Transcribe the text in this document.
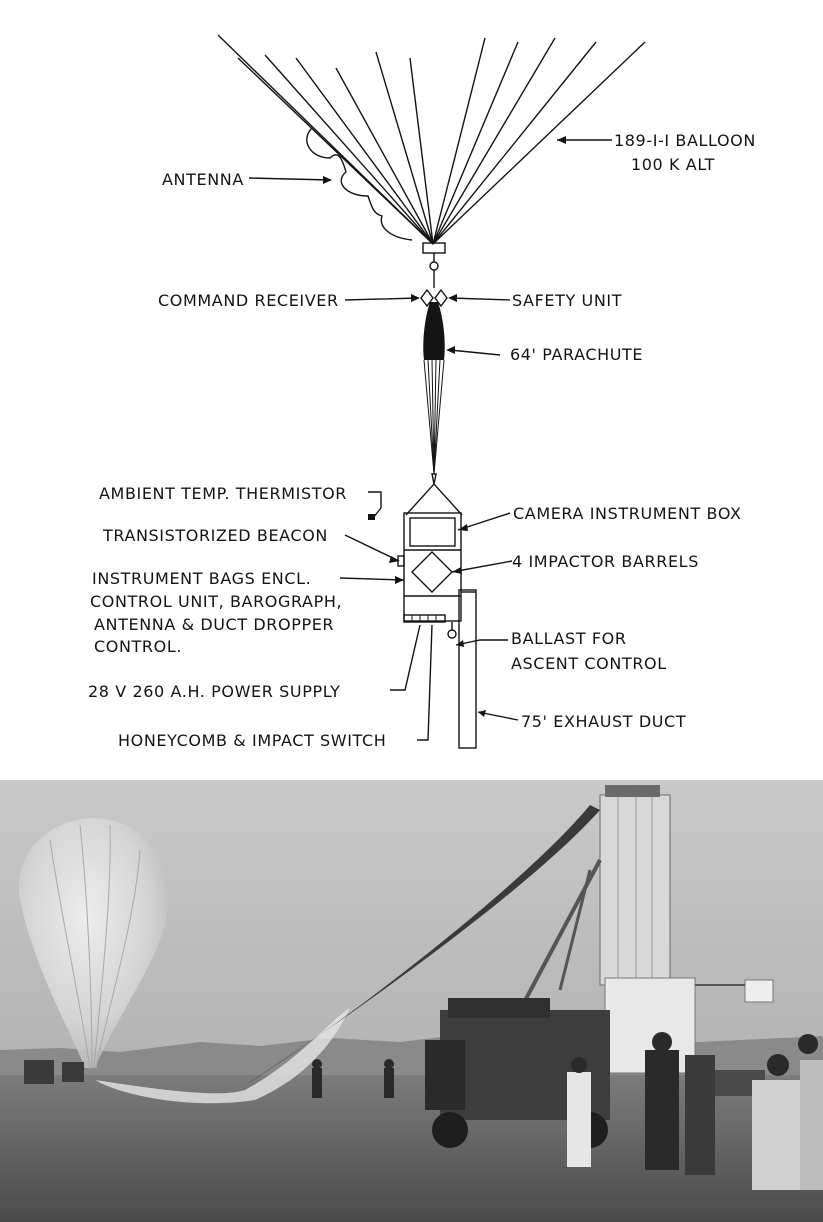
189-I-I BALLOON
100 K ALT
ANTENNA
COMMAND RECEIVER	SAFETY UNIT
64' PARACHUTE
AMBIENT TEMP. THERMISTOR
CAMERA INSTRUMENT BOX
TRANSISTORIZED BEACON
4 IMPACTOR BARRELS
INSTRUMENT BAGS ENCL.
CONTROL UNIT, BAROGRAPH,
ANTENNA & DUCT DROPPER
CONTROL.	BALLAST FOR
ASCENT CONTROL
28 V 260 A.H. POWER SUPPLY
75' EXHAUST DUCT
HONEYCOMB & IMPACT SWITCH
